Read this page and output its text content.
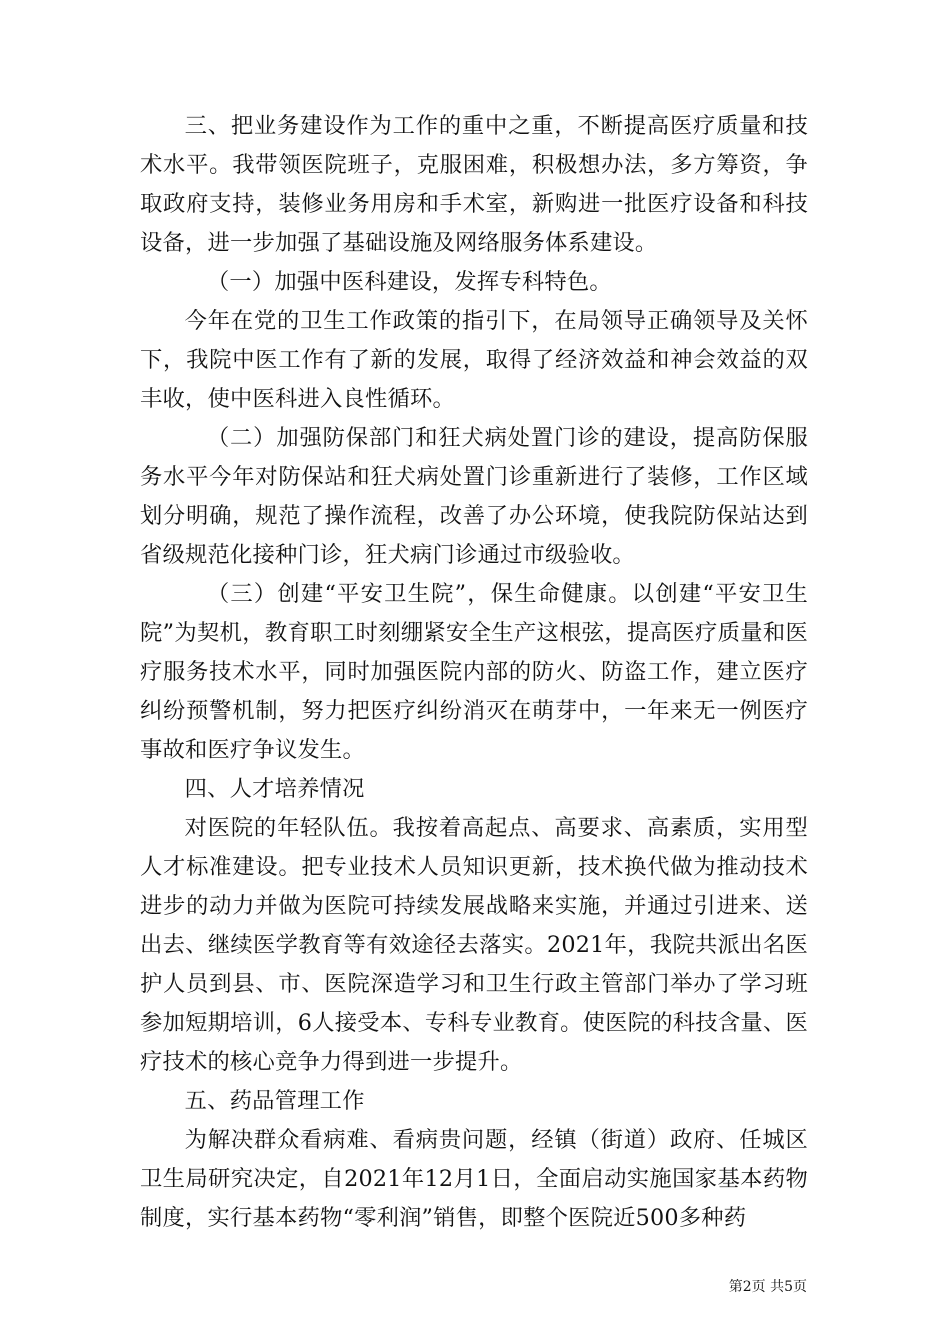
三、把业务建设作为工作的重中之重，不断提高医疗质量和技术水平。我带领医院班子，克服困难，积极想办法，多方筹资，争取政府支持，装修业务用房和手术室，新购进一批医疗设备和科技设备，进一步加强了基础设施及网络服务体系建设。

（一）加强中医科建设，发挥专科特色。

今年在党的卫生工作政策的指引下，在局领导正确领导及关怀下，我院中医工作有了新的发展，取得了经济效益和神会效益的双丰收，使中医科进入良性循环。

（二）加强防保部门和狂犬病处置门诊的建设，提高防保服务水平今年对防保站和狂犬病处置门诊重新进行了装修，工作区域划分明确，规范了操作流程，改善了办公环境，使我院防保站达到省级规范化接种门诊，狂犬病门诊通过市级验收。

（三）创建“平安卫生院”，保生命健康。以创建“平安卫生院”为契机，教育职工时刻绷紧安全生产这根弦，提高医疗质量和医疗服务技术水平，同时加强医院内部的防火、防盗工作，建立医疗纠纷预警机制，努力把医疗纠纷消灭在萌芽中，一年来无一例医疗事故和医疗争议发生。

四、人才培养情况

对医院的年轻队伍。我按着高起点、高要求、高素质，实用型人才标准建设。把专业技术人员知识更新，技术换代做为推动技术进步的动力并做为医院可持续发展战略来实施，并通过引进来、送出去、继续医学教育等有效途径去落实。2021年，我院共派出名医护人员到县、市、医院深造学习和卫生行政主管部门举办了学习班参加短期培训，6人接受本、专科专业教育。使医院的科技含量、医疗技术的核心竞争力得到进一步提升。

五、药品管理工作

为解决群众看病难、看病贵问题，经镇（街道）政府、任城区卫生局研究决定，自2021年12月1日，全面启动实施国家基本药物制度，实行基本药物“零利润”销售，即整个医院近500多种药

第2页 共5页
